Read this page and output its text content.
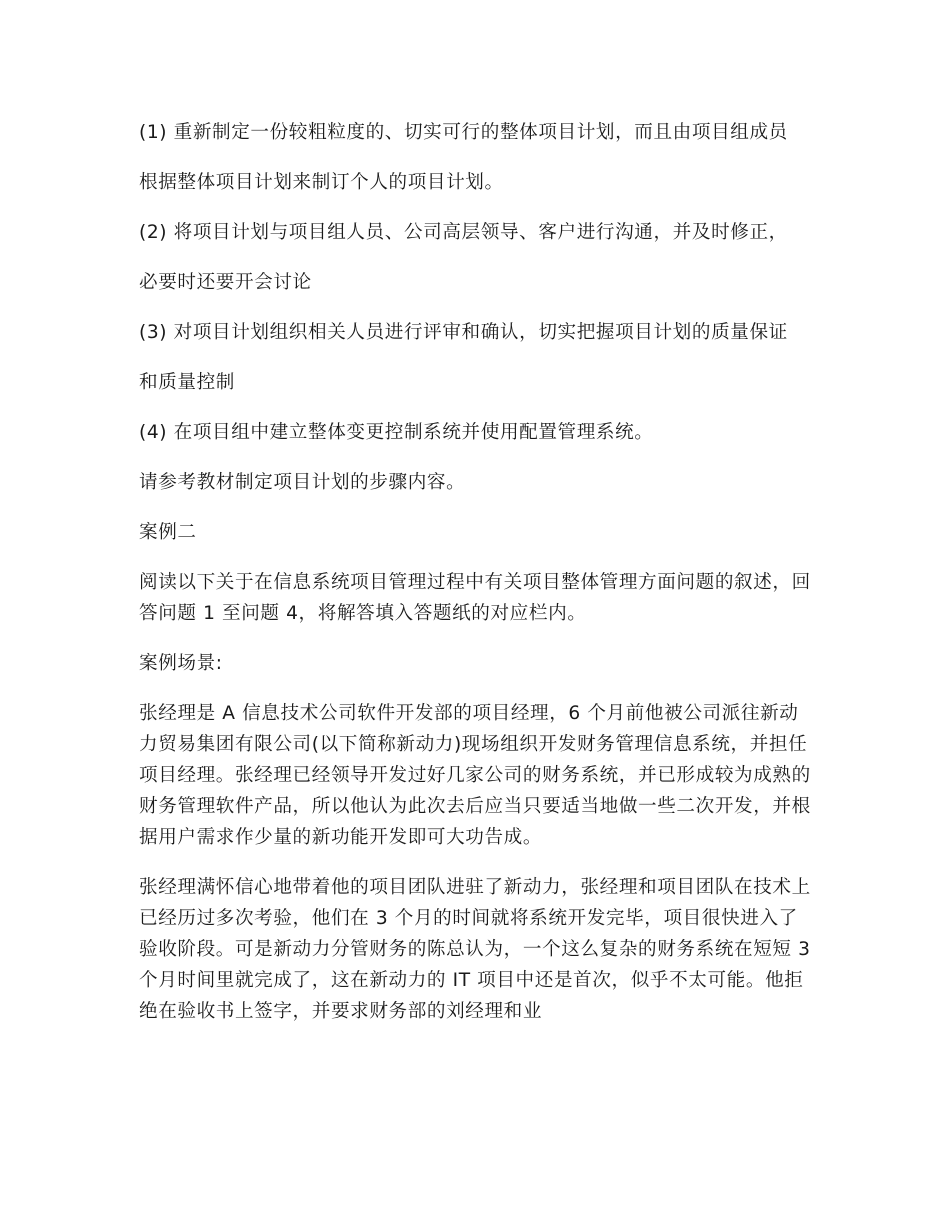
(1) 重新制定一份较粗粒度的、切实可行的整体项目计划，而且由项目组成员

根据整体项目计划来制订个人的项目计划。

(2) 将项目计划与项目组人员、公司高层领导、客户进行沟通，并及时修正，

必要时还要开会讨论

(3) 对项目计划组织相关人员进行评审和确认，切实把握项目计划的质量保证

和质量控制

(4) 在项目组中建立整体变更控制系统并使用配置管理系统。

请参考教材制定项目计划的步骤内容。

案例二

阅读以下关于在信息系统项目管理过程中有关项目整体管理方面问题的叙述，回答问题 1 至问题 4，将解答填入答题纸的对应栏内。

案例场景:

张经理是 A 信息技术公司软件开发部的项目经理，6 个月前他被公司派往新动力贸易集团有限公司(以下简称新动力)现场组织开发财务管理信息系统，并担任项目经理。张经理已经领导开发过好几家公司的财务系统，并已形成较为成熟的财务管理软件产品，所以他认为此次去后应当只要适当地做一些二次开发，并根据用户需求作少量的新功能开发即可大功告成。

张经理满怀信心地带着他的项目团队进驻了新动力，张经理和项目团队在技术上已经历过多次考验，他们在 3 个月的时间就将系统开发完毕，项目很快进入了验收阶段。可是新动力分管财务的陈总认为，一个这么复杂的财务系统在短短 3 个月时间里就完成了，这在新动力的 IT 项目中还是首次，似乎不太可能。他拒绝在验收书上签字，并要求财务部的刘经理和业
